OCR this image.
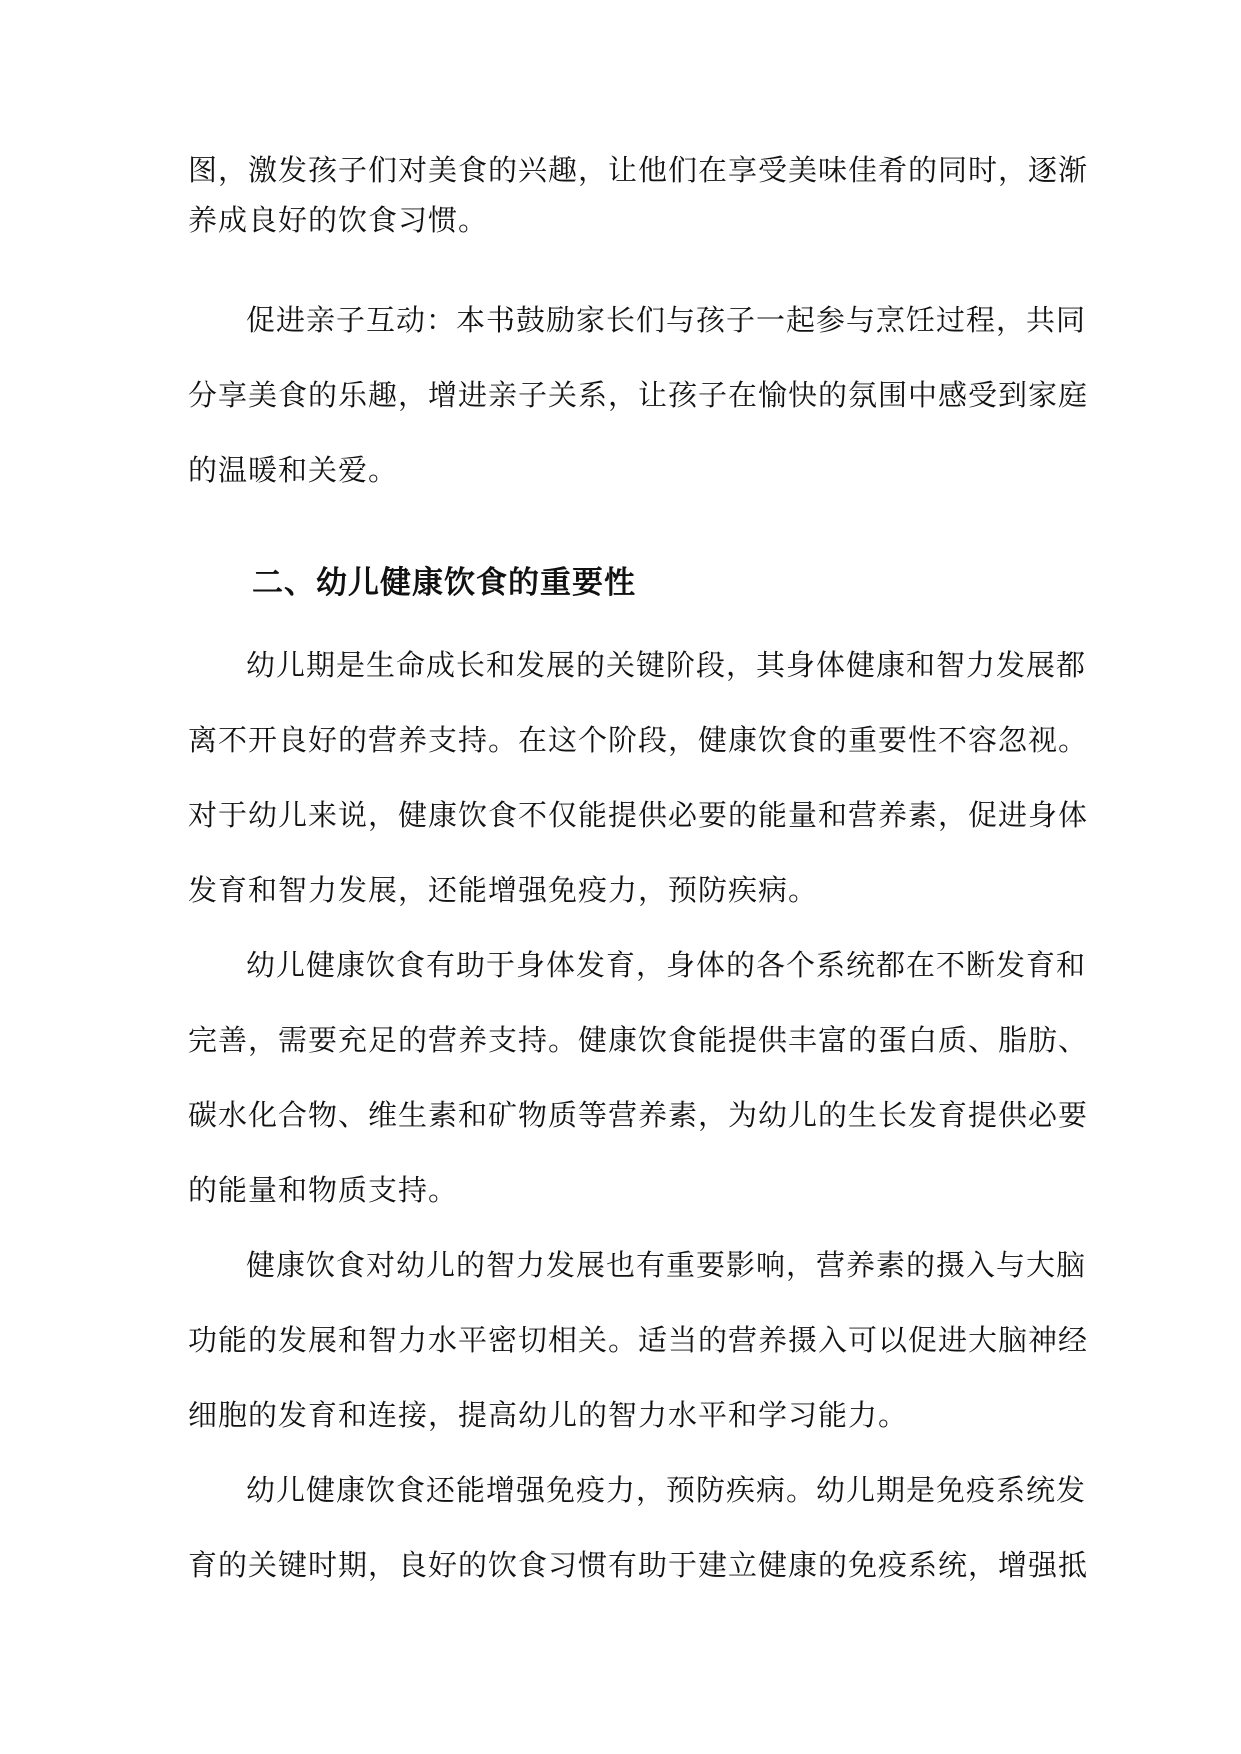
图，激发孩子们对美食的兴趣，让他们在享受美味佳肴的同时，逐渐
养成良好的饮食习惯。
促进亲子互动：本书鼓励家长们与孩子一起参与烹饪过程，共同
分享美食的乐趣，增进亲子关系，让孩子在愉快的氛围中感受到家庭
的温暖和关爱。
二、幼儿健康饮食的重要性
幼儿期是生命成长和发展的关键阶段，其身体健康和智力发展都
离不开良好的营养支持。在这个阶段，健康饮食的重要性不容忽视。
对于幼儿来说，健康饮食不仅能提供必要的能量和营养素，促进身体
发育和智力发展，还能增强免疫力，预防疾病。
幼儿健康饮食有助于身体发育，身体的各个系统都在不断发育和
完善，需要充足的营养支持。健康饮食能提供丰富的蛋白质、脂肪、
碳水化合物、维生素和矿物质等营养素，为幼儿的生长发育提供必要
的能量和物质支持。
健康饮食对幼儿的智力发展也有重要影响，营养素的摄入与大脑
功能的发展和智力水平密切相关。适当的营养摄入可以促进大脑神经
细胞的发育和连接，提高幼儿的智力水平和学习能力。
幼儿健康饮食还能增强免疫力，预防疾病。幼儿期是免疫系统发
育的关键时期，良好的饮食习惯有助于建立健康的免疫系统，增强抵
